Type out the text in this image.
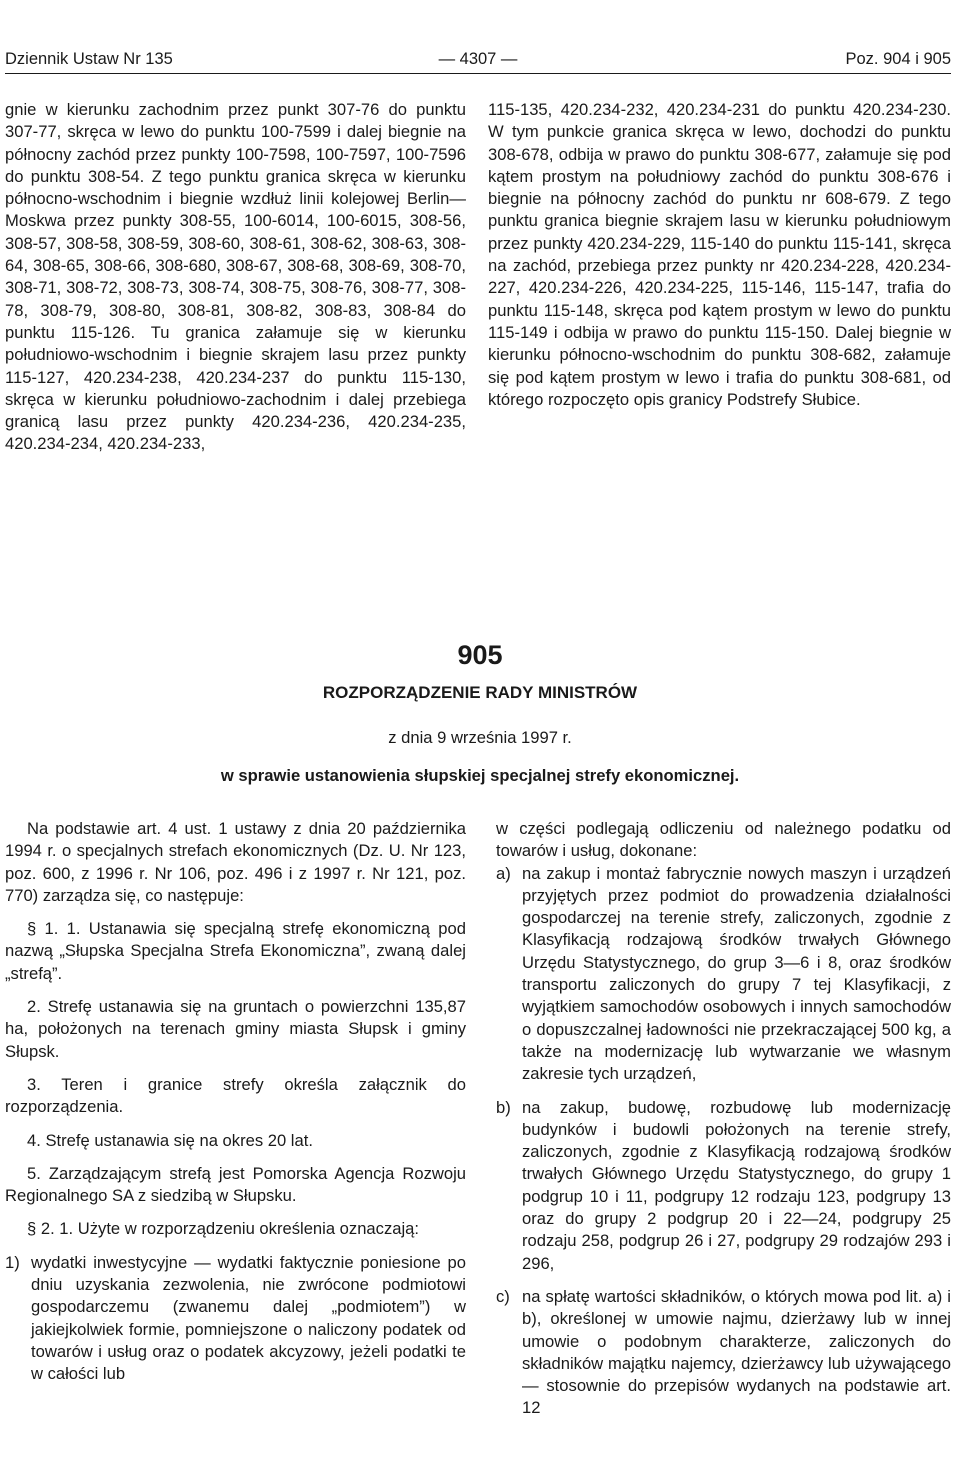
Dziennik Ustaw Nr 135	— 4307 —	Poz. 904 i 905

gnie w kierunku zachodnim przez punkt 307-76 do punktu 307-77, skręca w lewo do punktu 100-7599 i dalej biegnie na północny zachód przez punkty 100-7598, 100-7597, 100-7596 do punktu 308-54. Z tego punktu granica skręca w kierunku północno-wschodnim i biegnie wzdłuż linii kolejowej Berlin—Moskwa przez punkty 308-55, 100-6014, 100-6015, 308-56, 308-57, 308-58, 308-59, 308-60, 308-61, 308-62, 308-63, 308-64, 308-65, 308-66, 308-680, 308-67, 308-68, 308-69, 308-70, 308-71, 308-72, 308-73, 308-74, 308-75, 308-76, 308-77, 308-78, 308-79, 308-80, 308-81, 308-82, 308-83, 308-84 do punktu 115-126. Tu granica załamuje się w kierunku południowo-wschodnim i biegnie skrajem lasu przez punkty 115-127, 420.234-238, 420.234-237 do punktu 115-130, skręca w kierunku południowo-zachodnim i dalej przebiega granicą lasu przez punkty 420.234-236, 420.234-235, 420.234-234, 420.234-233,

115-135, 420.234-232, 420.234-231 do punktu 420.234-230. W tym punkcie granica skręca w lewo, dochodzi do punktu 308-678, odbija w prawo do punktu 308-677, załamuje się pod kątem prostym na południowy zachód do punktu 308-676 i biegnie na północny zachód do punktu nr 608-679. Z tego punktu granica biegnie skrajem lasu w kierunku południowym przez punkty 420.234-229, 115-140 do punktu 115-141, skręca na zachód, przebiega przez punkty nr 420.234-228, 420.234-227, 420.234-226, 420.234-225, 115-146, 115-147, trafia do punktu 115-148, skręca pod kątem prostym w lewo do punktu 115-149 i odbija w prawo do punktu 115-150. Dalej biegnie w kierunku północno-wschodnim do punktu 308-682, załamuje się pod kątem prostym w lewo i trafia do punktu 308-681, od którego rozpoczęto opis granicy Podstrefy Słubice.

905
ROZPORZĄDZENIE RADY MINISTRÓW
z dnia 9 września 1997 r.
w sprawie ustanowienia słupskiej specjalnej strefy ekonomicznej.

Na podstawie art. 4 ust. 1 ustawy z dnia 20 października 1994 r. o specjalnych strefach ekonomicznych (Dz. U. Nr 123, poz. 600, z 1996 r. Nr 106, poz. 496 i z 1997 r. Nr 121, poz. 770) zarządza się, co następuje:

§ 1. 1. Ustanawia się specjalną strefę ekonomiczną pod nazwą „Słupska Specjalna Strefa Ekonomiczna”, zwaną dalej „strefą”.

2. Strefę ustanawia się na gruntach o powierzchni 135,87 ha, położonych na terenach gminy miasta Słupsk i gminy Słupsk.

3. Teren i granice strefy określa załącznik do rozporządzenia.

4. Strefę ustanawia się na okres 20 lat.

5. Zarządzającym strefą jest Pomorska Agencja Rozwoju Regionalnego SA z siedzibą w Słupsku.

§ 2. 1. Użyte w rozporządzeniu określenia oznaczają:

1) wydatki inwestycyjne — wydatki faktycznie poniesione po dniu uzyskania zezwolenia, nie zwrócone podmiotowi gospodarczemu (zwanemu dalej „podmiotem”) w jakiejkolwiek formie, pomniejszone o naliczony podatek od towarów i usług oraz o podatek akcyzowy, jeżeli podatki te w całości lub

w części podlegają odliczeniu od należnego podatku od towarów i usług, dokonane:

a) na zakup i montaż fabrycznie nowych maszyn i urządzeń przyjętych przez podmiot do prowadzenia działalności gospodarczej na terenie strefy, zaliczonych, zgodnie z Klasyfikacją rodzajową środków trwałych Głównego Urzędu Statystycznego, do grup 3—6 i 8, oraz środków transportu zaliczonych do grupy 7 tej Klasyfikacji, z wyjątkiem samochodów osobowych i innych samochodów o dopuszczalnej ładowności nie przekraczającej 500 kg, a także na modernizację lub wytwarzanie we własnym zakresie tych urządzeń,

b) na zakup, budowę, rozbudowę lub modernizację budynków i budowli położonych na terenie strefy, zaliczonych, zgodnie z Klasyfikacją rodzajową środków trwałych Głównego Urzędu Statystycznego, do grupy 1 podgrup 10 i 11, podgrupy 12 rodzaju 123, podgrupy 13 oraz do grupy 2 podgrup 20 i 22—24, podgrupy 25 rodzaju 258, podgrup 26 i 27, podgrupy 29 rodzajów 293 i 296,

c) na spłatę wartości składników, o których mowa pod lit. a) i b), określonej w umowie najmu, dzierżawy lub w innej umowie o podobnym charakterze, zaliczonych do składników majątku najemcy, dzierżawcy lub używającego — stosownie do przepisów wydanych na podstawie art. 12
